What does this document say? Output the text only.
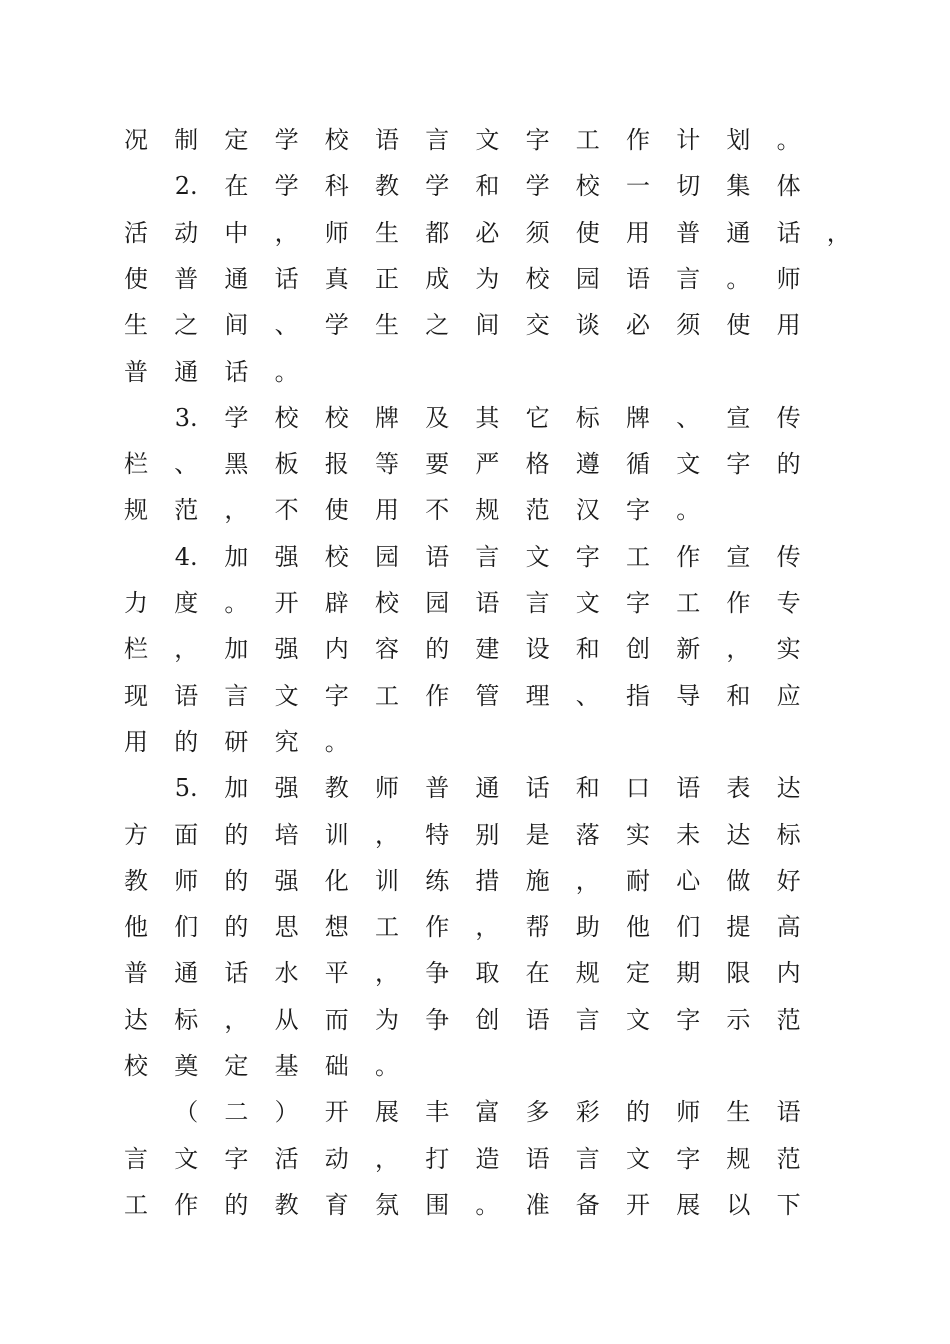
况	制	定	学	校	语	言	文	字	工	作	计	划	。
2.	在	学	科	教	学	和	学	校	一	切	集	体
活	动	中	，	师	生	都	必	须	使	用	普	通	话	，
使	普	通	话	真	正	成	为	校	园	语	言	。	师
生	之	间	、	学	生	之	间	交	谈	必	须	使	用
普	通	话	。
3.	学	校	校	牌	及	其	它	标	牌	、	宣	传
栏	、	黑	板	报	等	要	严	格	遵	循	文	字	的
规	范	，	不	使	用	不	规	范	汉	字	。
4.	加	强	校	园	语	言	文	字	工	作	宣	传
力	度	。	开	辟	校	园	语	言	文	字	工	作	专
栏	，	加	强	内	容	的	建	设	和	创	新	，	实
现	语	言	文	字	工	作	管	理	、	指	导	和	应
用	的	研	究	。
5.	加	强	教	师	普	通	话	和	口	语	表	达
方	面	的	培	训	，	特	别	是	落	实	未	达	标
教	师	的	强	化	训	练	措	施	，	耐	心	做	好
他	们	的	思	想	工	作	，	帮	助	他	们	提	高
普	通	话	水	平	，	争	取	在	规	定	期	限	内
达	标	，	从	而	为	争	创	语	言	文	字	示	范
校	奠	定	基	础	。
（	二	）	开	展	丰	富	多	彩	的	师	生	语
言	文	字	活	动	，	打	造	语	言	文	字	规	范
工	作	的	教	育	氛	围	。	准	备	开	展	以	下
